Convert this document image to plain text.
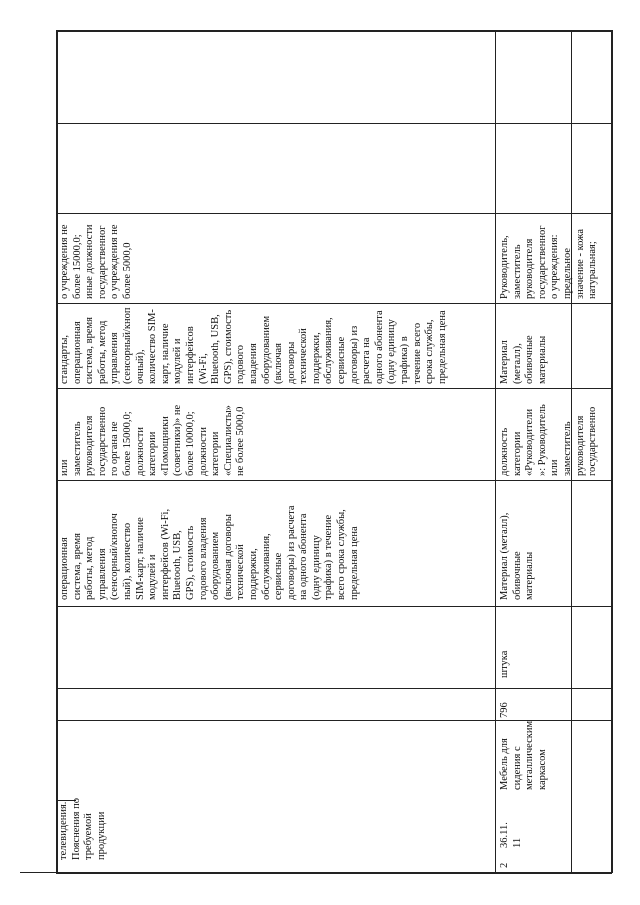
телевидения. Пояснения по требуемой продукции
операционная система, время работы, метод управления (сенсорный/кнопоч ный), количество SIM-карт, наличие модулей и интерфейсов (Wi-Fi, Bluetooth, USB, GPS), стоимость годового владения оборудованием (включая договоры технической поддержки, обслуживания, сервисные договоры) из расчета на одного абонента (одну единицу трафика) в течение всего срока службы, предельная цена
или заместитель руководителя государственно го органа не более 15000,0; должности категории «Помощники (советники)» не более 10000,0; должности категории «Специалисты» не более 5000,0
стандарты, операционная система, время работы, метод управления (сенсорный/кноп очный), количество SIM- карт, наличие модулей и интерфейсов (Wi-Fi, Bluetooth, USB, GPS), стоимость годового владения оборудованием (включая договоры технической поддержки, обслуживания, сервисные договоры) из расчета на одного абонента (одну единицу трафика) в течение всего срока службы, предельная цена
о учреждения не более 15000,0; иные должности государственног о учреждения не более 5000,0
2
36.11. 11
Мебель для сидения с металлическим каркасом
796
штука
Материал (металл), обивочные материалы
должность категории «Руководители »: Руководитель или заместитель руководителя государственно
Материал (металл), обивочные материалы
Руководитель, заместитель руководителя государственног о учреждения: предельное значение - кожа натуральная;
